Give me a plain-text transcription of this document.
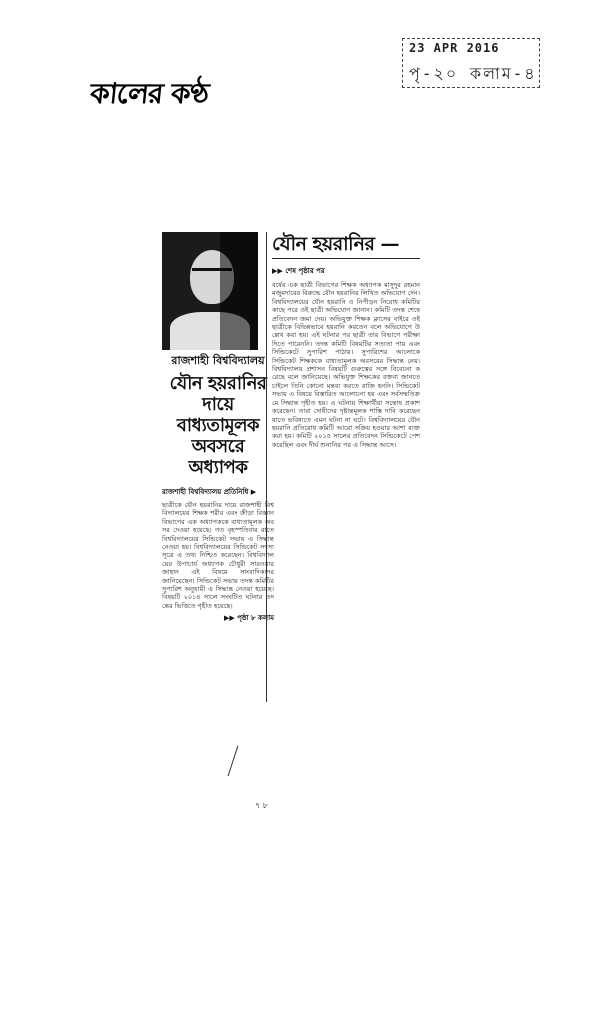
কালের কণ্ঠ
23 APR 2016
পৃ-২০ কলাম-৪
রাজশাহী বিশ্ববিদ্যালয়
যৌন হয়রানির দায়ে বাধ্যতামূলক অবসরে অধ্যাপক
রাজশাহী বিশ্ববিদ্যালয় প্রতিনিধি ▶
ছাত্রীকে যৌন হয়রানির দায়ে রাজশাহী বিশ্ববিদ্যালয়ের শিক্ষক শরীর এবং ক্রীড়া বিজ্ঞান বিভাগের এক অধ্যাপককে বাধ্যতামূলক অবসর দেওয়া হয়েছে। গত বৃহস্পতিবার রাতে বিশ্ববিদ্যালয়ের সিন্ডিকেট সভায় এ সিদ্ধান্ত নেওয়া হয়। বিশ্ববিদ্যালয়ের সিন্ডিকেট সদস্য সূত্রে এ তথ্য নিশ্চিত করেছেন। বিশ্ববিদ্যালয়ের উপাচার্য অধ্যাপক চৌধুরী সারওয়ার জাহান এই বিষয়ে সাংবাদিকদের জানিয়েছেন। সিন্ডিকেট সভায় তদন্ত কমিটির সুপারিশ অনুযায়ী এ সিদ্ধান্ত নেওয়া হয়েছে। বিষয়টি ২০১৪ সালে সংঘটিত ঘটনার তদন্তের ভিত্তিতে গৃহীত হয়েছে।
▶▶ পৃষ্ঠা ৮ কলাম
যৌন হয়রানির —
▶▶ শেষ পৃষ্ঠার পর
বর্ষের এক ছাত্রী বিভাগের শিক্ষক অধ্যাপক মাসুদুর রহমান মজুমদারের বিরুদ্ধে যৌন হয়রানির লিখিত অভিযোগ দেন। বিশ্ববিদ্যালয়ের যৌন হয়রানি ও নিপীড়ন নিরোধ কমিটির কাছে পরে ওই ছাত্রী অভিযোগ জানান। কমিটি তদন্ত শেষে প্রতিবেদন জমা দেয়। অভিযুক্ত শিক্ষক ক্লাসের বাইরে ওই ছাত্রীকে বিভিন্নভাবে হয়রানি করতেন বলে অভিযোগে উল্লেখ করা হয়। এই ঘটনার পর ছাত্রী তার বিভাগে পরীক্ষা দিতে পারেননি। তদন্ত কমিটি বিষয়টির সত্যতা পায় এবং সিন্ডিকেটে সুপারিশ পাঠায়। সুপারিশের আলোকে সিন্ডিকেট শিক্ষককে বাধ্যতামূলক অবসরের সিদ্ধান্ত নেয়। বিশ্ববিদ্যালয় প্রশাসন বিষয়টি গুরুত্বের সঙ্গে বিবেচনা করেছে বলে জানিয়েছে। অভিযুক্ত শিক্ষকের বক্তব্য জানতে চাইলে তিনি কোনো মন্তব্য করতে রাজি হননি। সিন্ডিকেট সভায় এ বিষয়ে বিস্তারিত আলোচনা হয় এবং সর্বসম্মতিক্রমে সিদ্ধান্ত গৃহীত হয়। এ ঘটনায় শিক্ষার্থীরা সন্তোষ প্রকাশ করেছেন। তারা দোষীদের দৃষ্টান্তমূলক শাস্তি দাবি করেছেন যাতে ভবিষ্যতে এমন ঘটনা না ঘটে। বিশ্ববিদ্যালয়ের যৌন হয়রানি প্রতিরোধ কমিটি আরো সক্রিয় হওয়ার আশা ব্যক্ত করা হয়। কমিটি ২০১৫ সালের প্রতিবেদন সিন্ডিকেটে পেশ করেছিল এবং দীর্ঘ শুনানির পর এ সিদ্ধান্ত আসে।
৭ ৮
